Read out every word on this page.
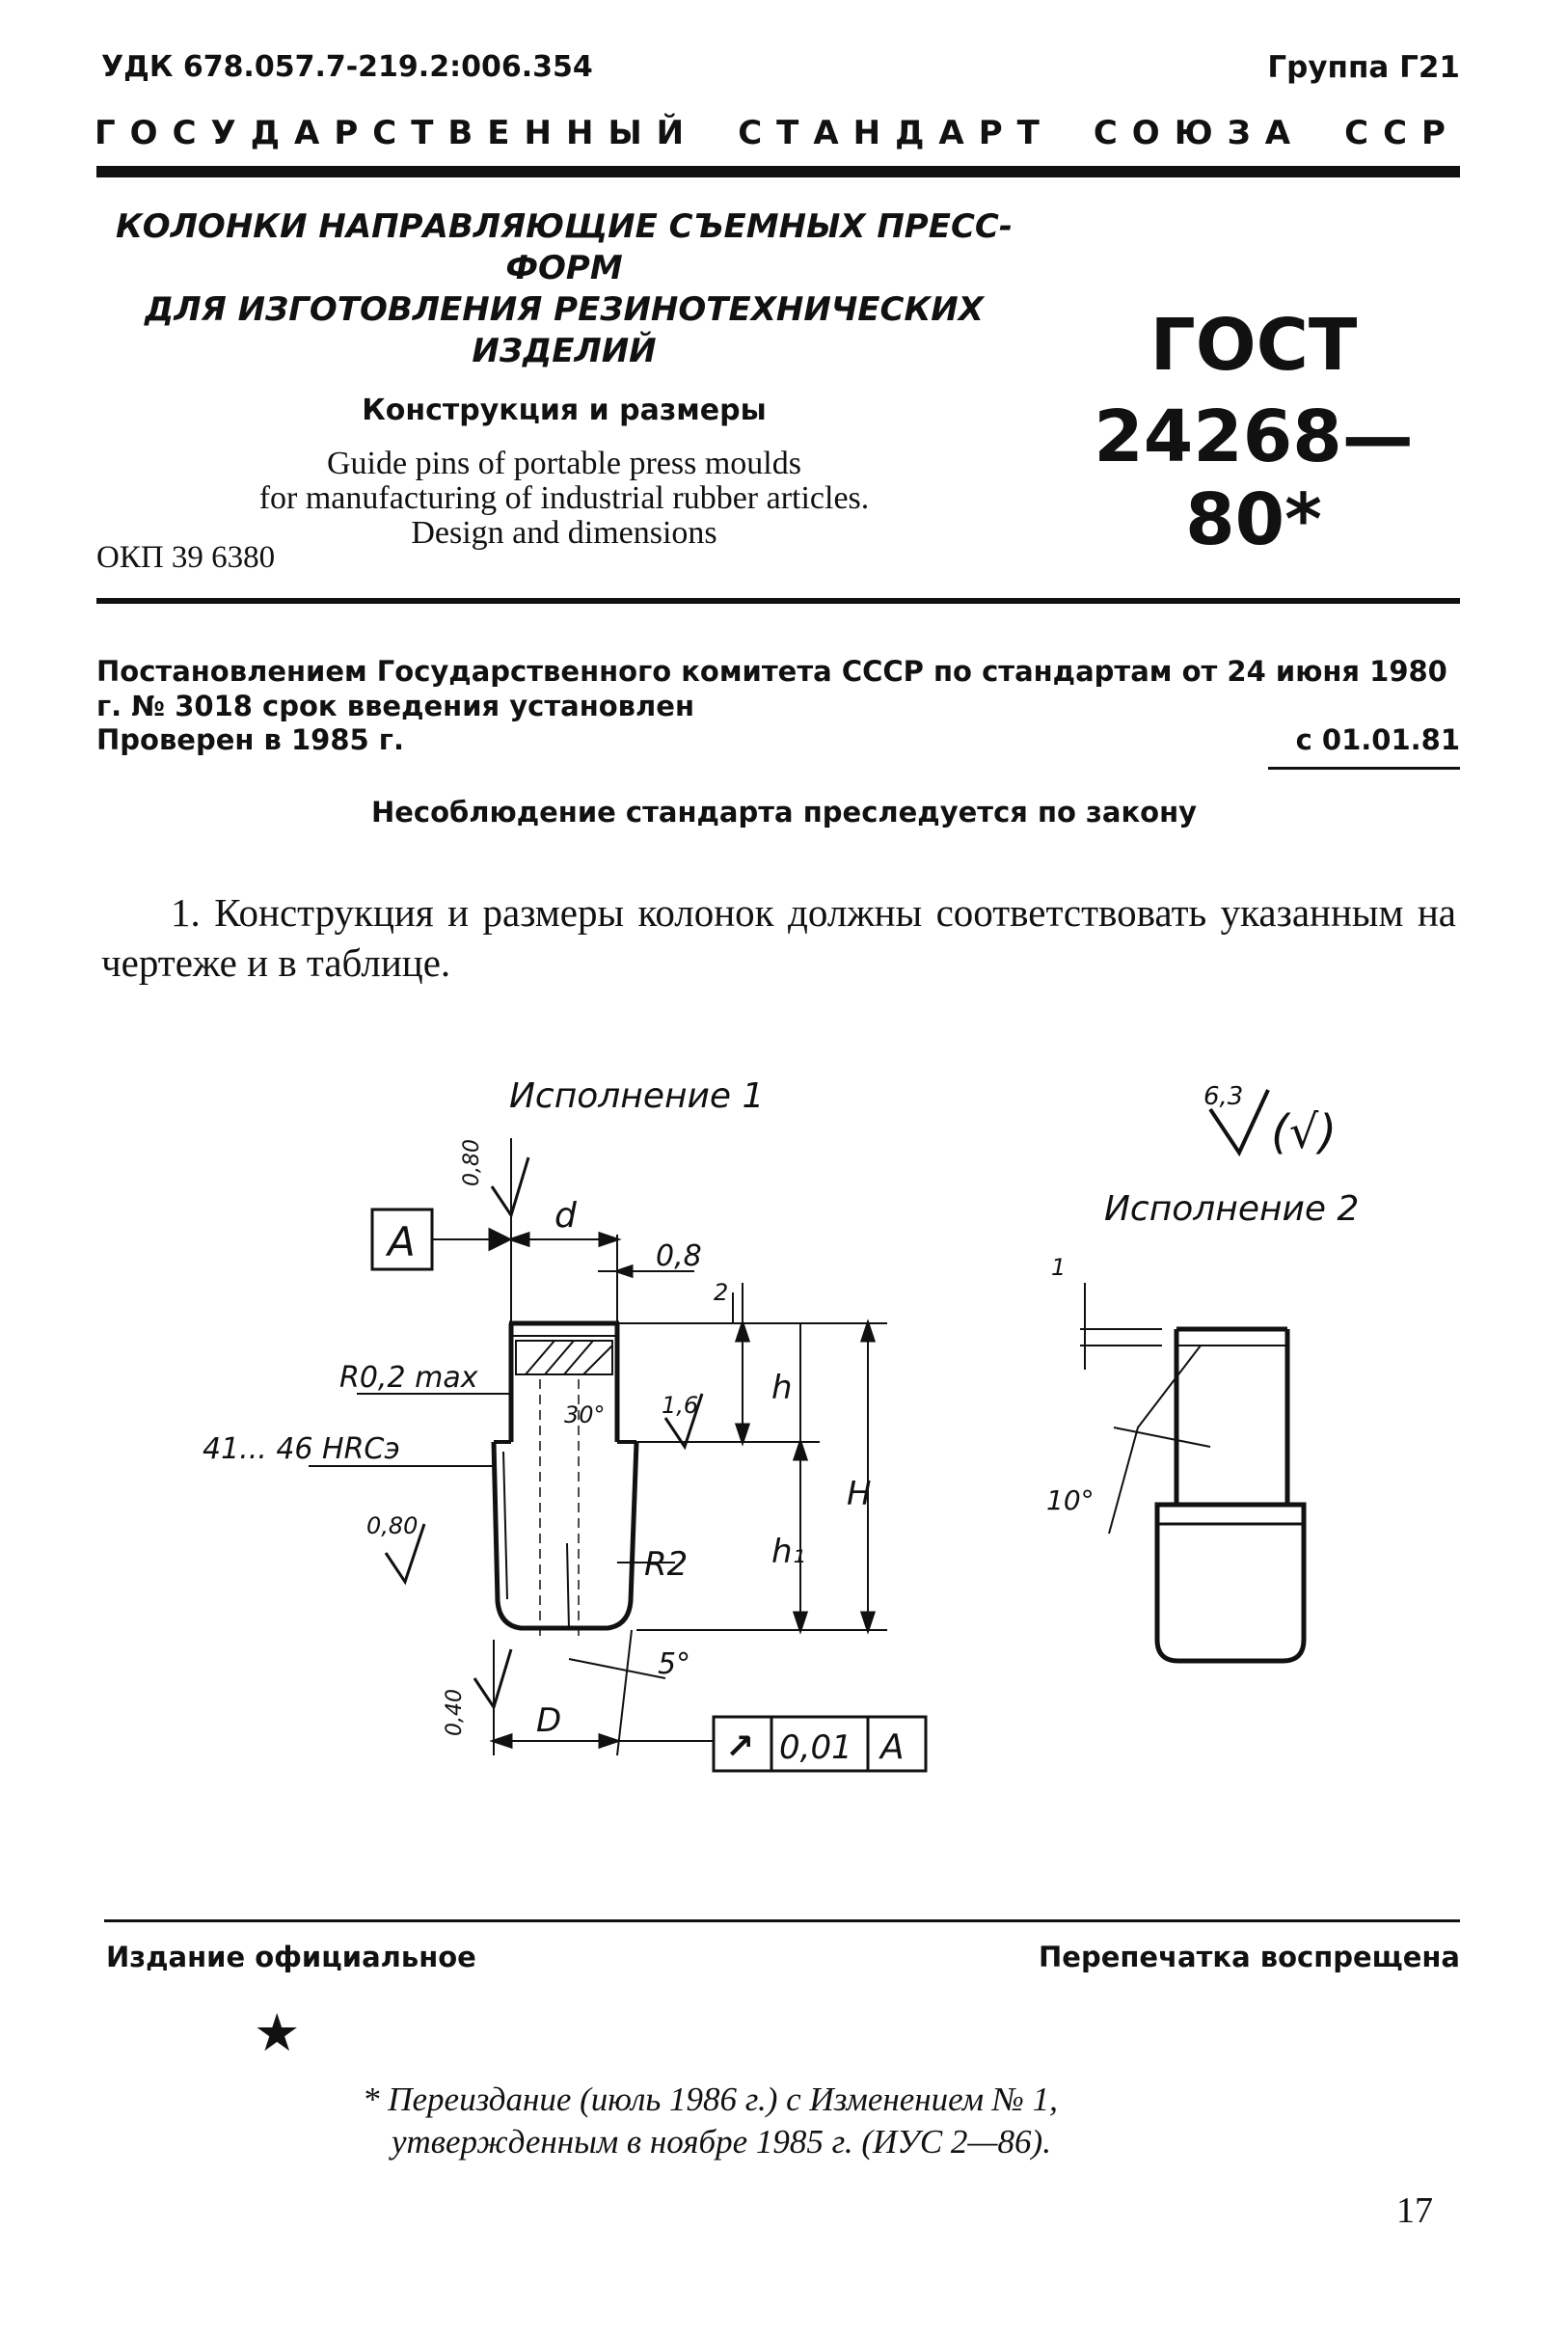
УДК 678.057.7-219.2:006.354	Группа Г21
ГОСУДАРСТВЕННЫЙ СТАНДАРТ СОЮЗА ССР
КОЛОНКИ НАПРАВЛЯЮЩИЕ СЪЕМНЫХ ПРЕСС-ФОРМ
ДЛЯ ИЗГОТОВЛЕНИЯ РЕЗИНОТЕХНИЧЕСКИХ
ИЗДЕЛИЙ
Конструкция и размеры
Guide pins of portable press moulds
for manufacturing of industrial rubber articles.
Design and dimensions
ГОСТ
24268—80*
ОКП 39 6380
Постановлением Государственного комитета СССР по стандартам от 24 июня 1980 г. № 3018 срок введения установлен
Проверен в 1985 г.	с 01.01.81
Несоблюдение стандарта преследуется по закону
1. Конструкция и размеры колонок должны соответствовать указанным на чертеже и в таблице.
Исполнение 1
Исполнение 2
6,3
(√)
A
d
0,8
2
h
H
h₁
D
R0,2 max
41... 46 HRCэ
30°
5°
10°
R2
0,80
0,80
0,40
1,6
1
↗ 0,01 A
Издание официальное	Перепечатка воспрещена
★
* Переиздание (июль 1986 г.) с Изменением № 1,
утвержденным в ноябре 1985 г. (ИУС 2—86).
17
